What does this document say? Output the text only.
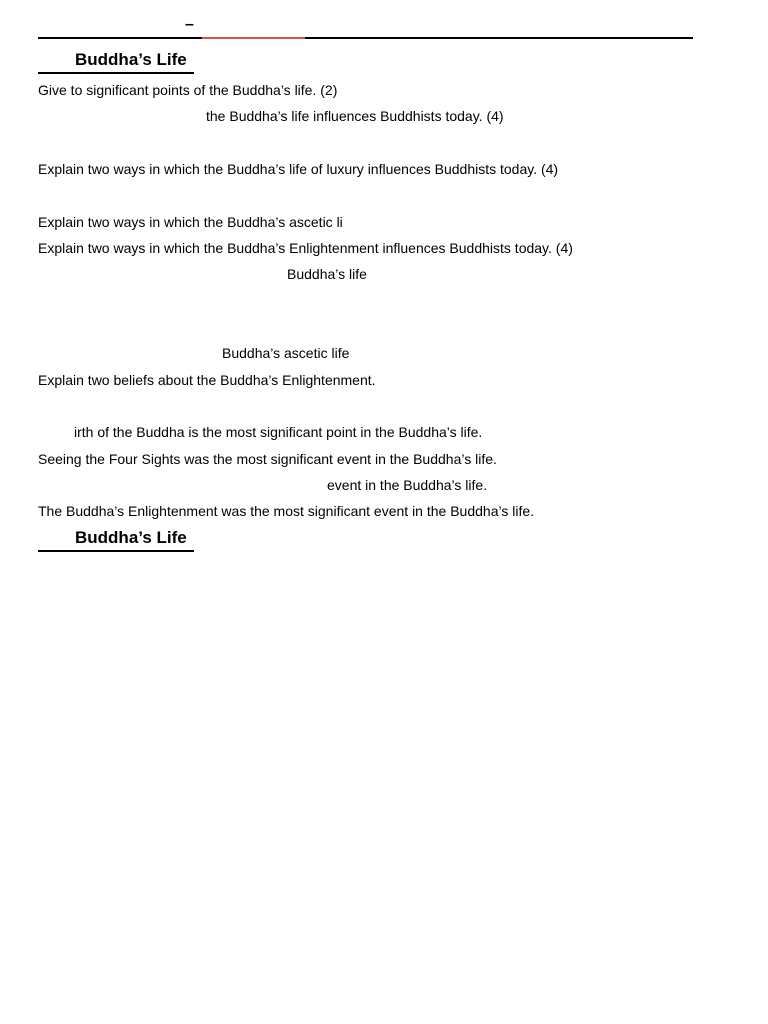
–
Buddha’s Life
Give to significant points of the Buddha’s life. (2)
the Buddha’s life influences Buddhists today. (4)
Explain two ways in which the Buddha’s life of luxury influences Buddhists today. (4)
Explain two ways in which the Buddha’s ascetic li
Explain two ways in which the Buddha’s Enlightenment influences Buddhists today. (4)
Buddha’s life
Buddha’s ascetic life
Explain two beliefs about the Buddha’s Enlightenment.
irth of the Buddha is the most significant point in the Buddha’s life.
Seeing the Four Sights was the most significant event in the Buddha’s life.
event in the Buddha’s life.
The Buddha’s Enlightenment was the most significant event in the Buddha’s life.
Buddha’s Life
